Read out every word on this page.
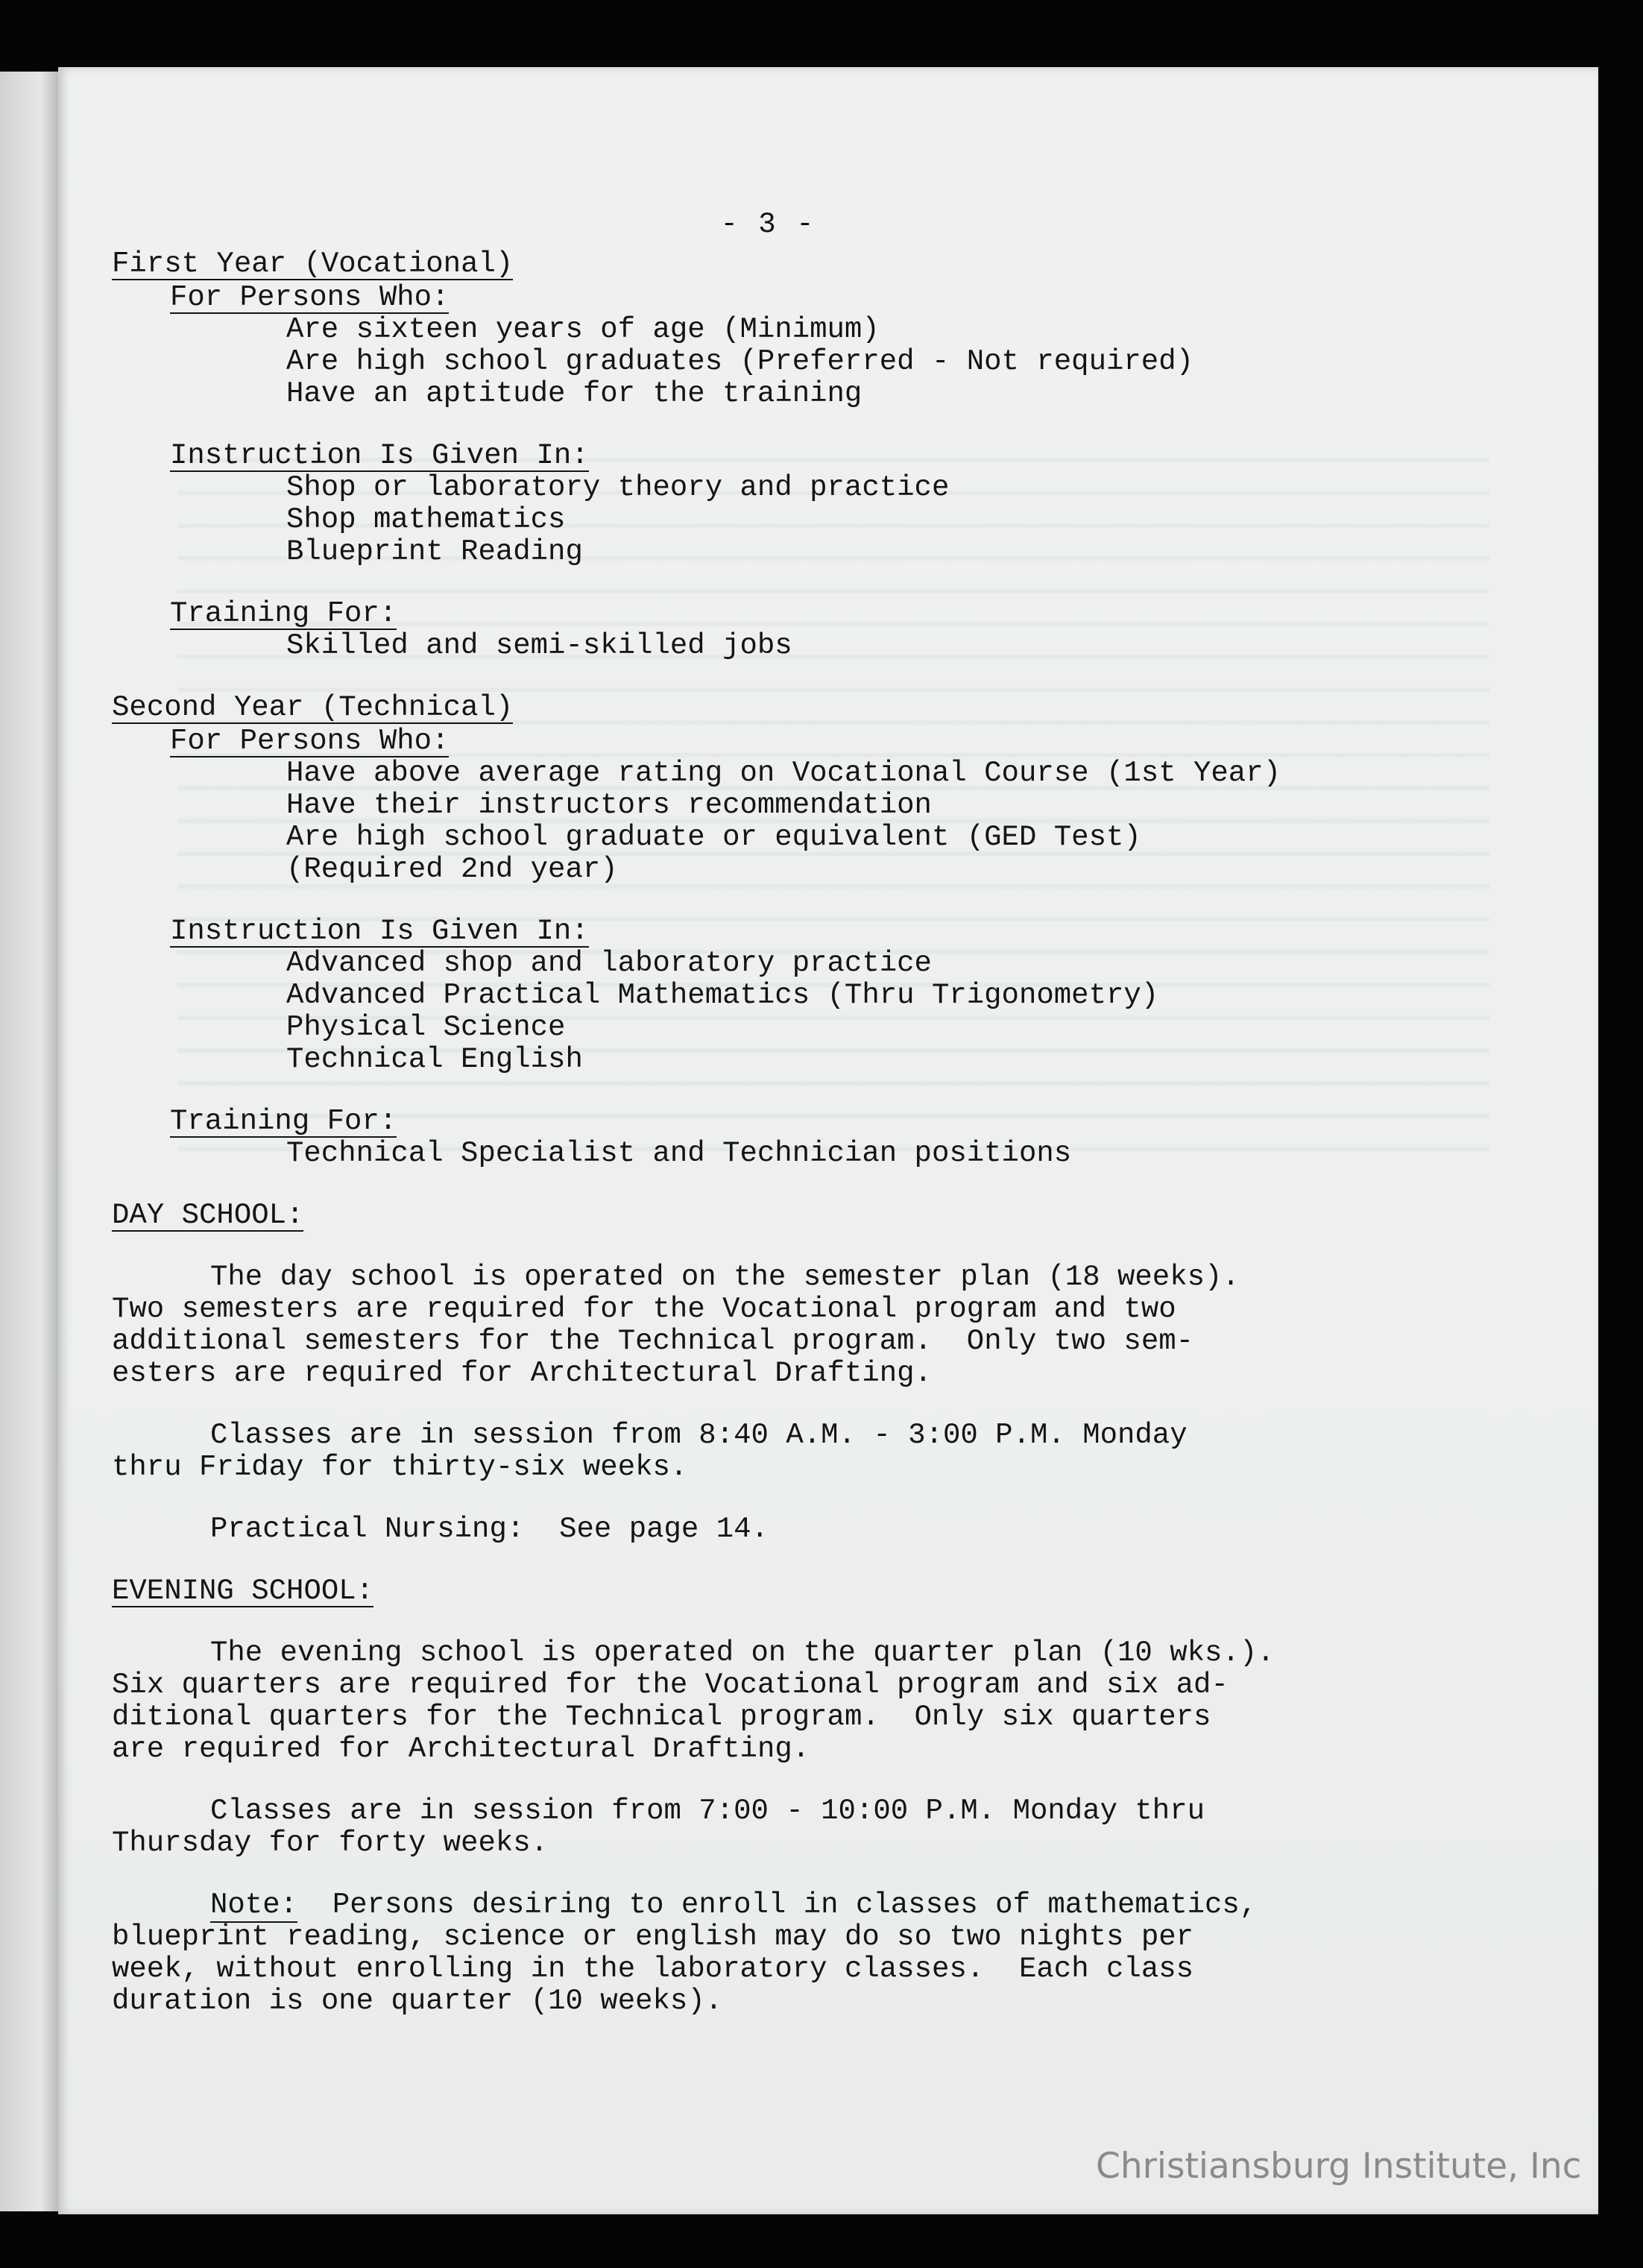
- 3 -
First Year (Vocational)
For Persons Who:
Are sixteen years of age (Minimum)
Are high school graduates (Preferred - Not required)
Have an aptitude for the training
Instruction Is Given In:
Shop or laboratory theory and practice
Shop mathematics
Blueprint Reading
Training For:
Skilled and semi-skilled jobs
Second Year (Technical)
For Persons Who:
Have above average rating on Vocational Course (1st Year)
Have their instructors recommendation
Are high school graduate or equivalent (GED Test)
(Required 2nd year)
Instruction Is Given In:
Advanced shop and laboratory practice
Advanced Practical Mathematics (Thru Trigonometry)
Physical Science
Technical English
Training For:
Technical Specialist and Technician positions
DAY SCHOOL:

The day school is operated on the semester plan (18 weeks).
Two semesters are required for the Vocational program and two
additional semesters for the Technical program.  Only two sem-
esters are required for Architectural Drafting.

Classes are in session from 8:40 A.M. - 3:00 P.M. Monday
thru Friday for thirty-six weeks.

Practical Nursing:  See page 14.

EVENING SCHOOL:

The evening school is operated on the quarter plan (10 wks.).
Six quarters are required for the Vocational program and six ad-
ditional quarters for the Technical program.  Only six quarters
are required for Architectural Drafting.

Classes are in session from 7:00 - 10:00 P.M. Monday thru
Thursday for forty weeks.

Note:  Persons desiring to enroll in classes of mathematics,
blueprint reading, science or english may do so two nights per
week, without enrolling in the laboratory classes.  Each class
duration is one quarter (10 weeks).

Christiansburg Institute, Inc
